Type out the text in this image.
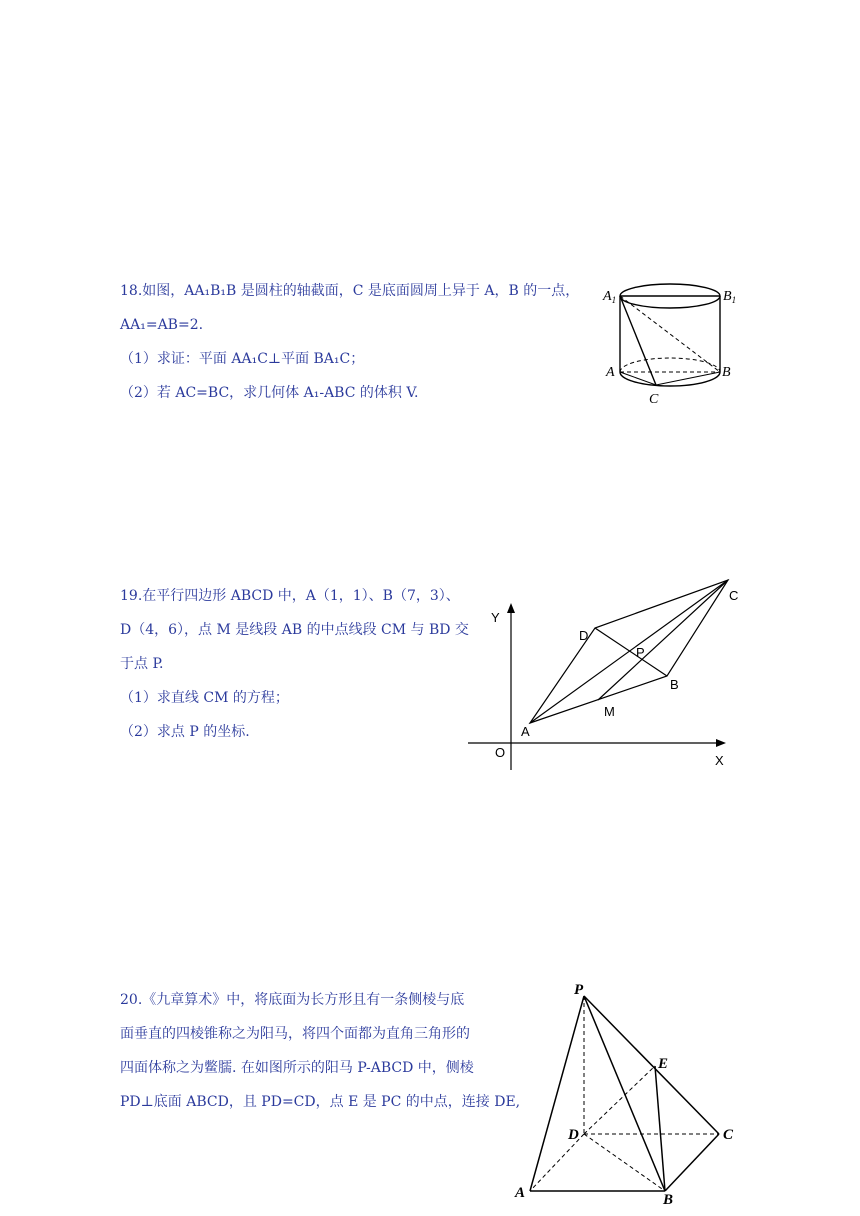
18.如图，AA₁B₁B 是圆柱的轴截面，C 是底面圆周上异于 A，B 的一点，

AA₁=AB=2.

（1）求证：平面 AA₁C⊥平面 BA₁C；

（2）若 AC=BC，求几何体 A₁-ABC 的体积 V.

$A_1$	$B_1$
A	B
C

19.在平行四边形 ABCD 中，A（1，1）、B（7，3）、

D（4，6），点 M 是线段 AB 的中点线段 CM 与 BD 交

于点 P.

（1）求直线 CM 的方程；

（2）求点 P 的坐标.

Y
X
O
A
B
C
D
M
P

20.《九章算术》中，将底面为长方形且有一条侧棱与底

面垂直的四棱锥称之为阳马，将四个面都为直角三角形的

四面体称之为鳖臑. 在如图所示的阳马 P-ABCD 中，侧棱

PD⊥底面 ABCD，且 PD=CD，点 E 是 PC 的中点，连接 DE,

P
E
D	C
A	B
